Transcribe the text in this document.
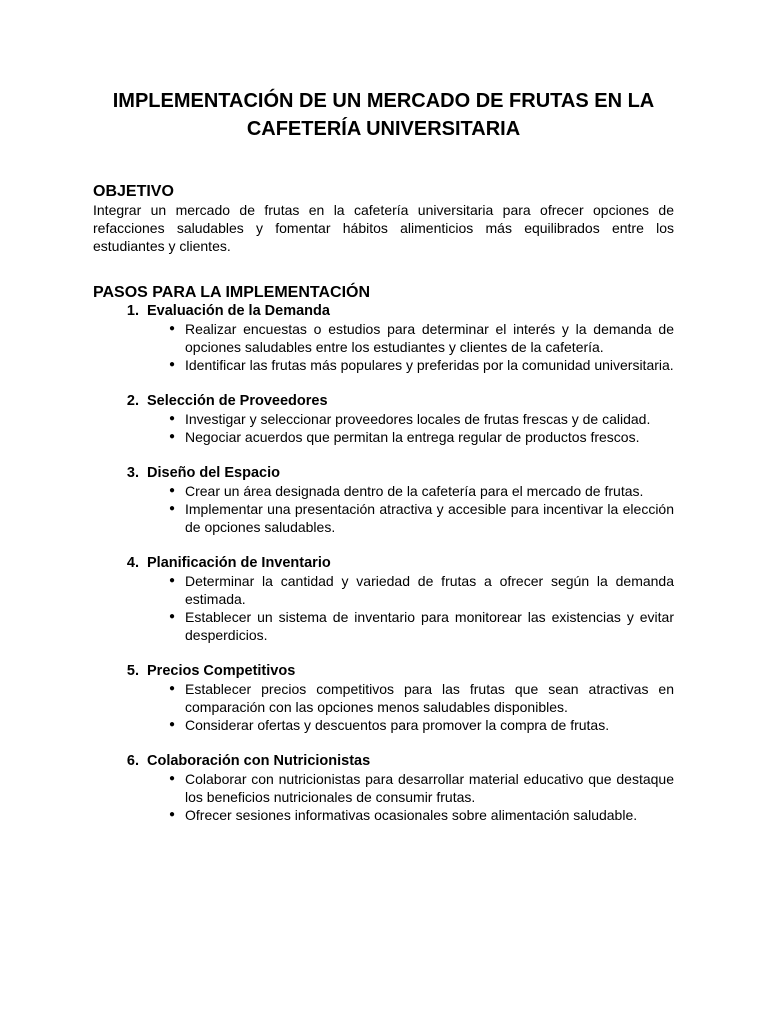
IMPLEMENTACIÓN DE UN MERCADO DE FRUTAS EN LA
CAFETERÍA UNIVERSITARIA
OBJETIVO

Integrar un mercado de frutas en la cafetería universitaria para ofrecer opciones de refacciones saludables y fomentar hábitos alimenticios más equilibrados entre los estudiantes y clientes.

PASOS PARA LA IMPLEMENTACIÓN
1. Evaluación de la Demanda
● Realizar encuestas o estudios para determinar el interés y la demanda de opciones saludables entre los estudiantes y clientes de la cafetería.
● Identificar las frutas más populares y preferidas por la comunidad universitaria.
2. Selección de Proveedores
● Investigar y seleccionar proveedores locales de frutas frescas y de calidad.
● Negociar acuerdos que permitan la entrega regular de productos frescos.
3. Diseño del Espacio
● Crear un área designada dentro de la cafetería para el mercado de frutas.
● Implementar una presentación atractiva y accesible para incentivar la elección de opciones saludables.
4. Planificación de Inventario
● Determinar la cantidad y variedad de frutas a ofrecer según la demanda estimada.
● Establecer un sistema de inventario para monitorear las existencias y evitar desperdicios.
5. Precios Competitivos
● Establecer precios competitivos para las frutas que sean atractivas en comparación con las opciones menos saludables disponibles.
● Considerar ofertas y descuentos para promover la compra de frutas.
6. Colaboración con Nutricionistas
● Colaborar con nutricionistas para desarrollar material educativo que destaque los beneficios nutricionales de consumir frutas.
● Ofrecer sesiones informativas ocasionales sobre alimentación saludable.
